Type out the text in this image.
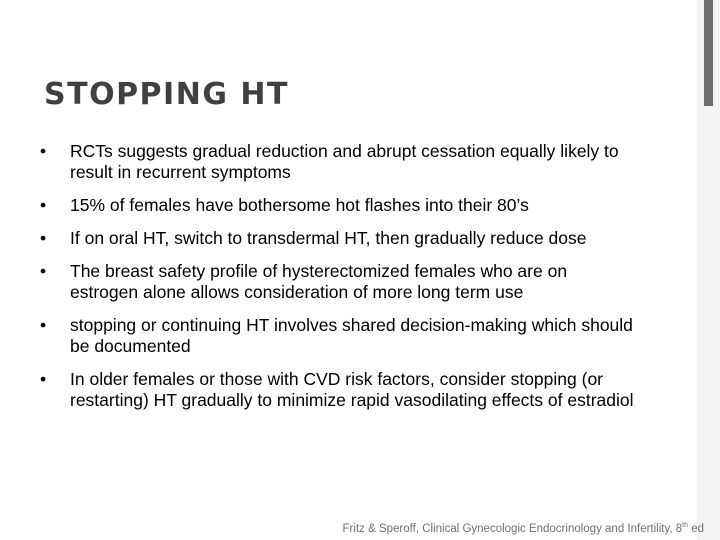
STOPPING HT
• RCTs suggests gradual reduction and abrupt cessation equally likely to result in recurrent symptoms
• 15% of females have bothersome hot flashes into their 80’s
• If on oral HT, switch to transdermal HT, then gradually reduce dose
• The breast safety profile of hysterectomized females who are on estrogen alone allows consideration of more long term use
• stopping or continuing HT involves shared decision-making which should be documented
• In older females or those with CVD risk factors, consider stopping (or restarting) HT gradually to minimize rapid vasodilating effects of estradiol
Fritz & Speroff, Clinical Gynecologic Endocrinology and Infertility, 8th ed
